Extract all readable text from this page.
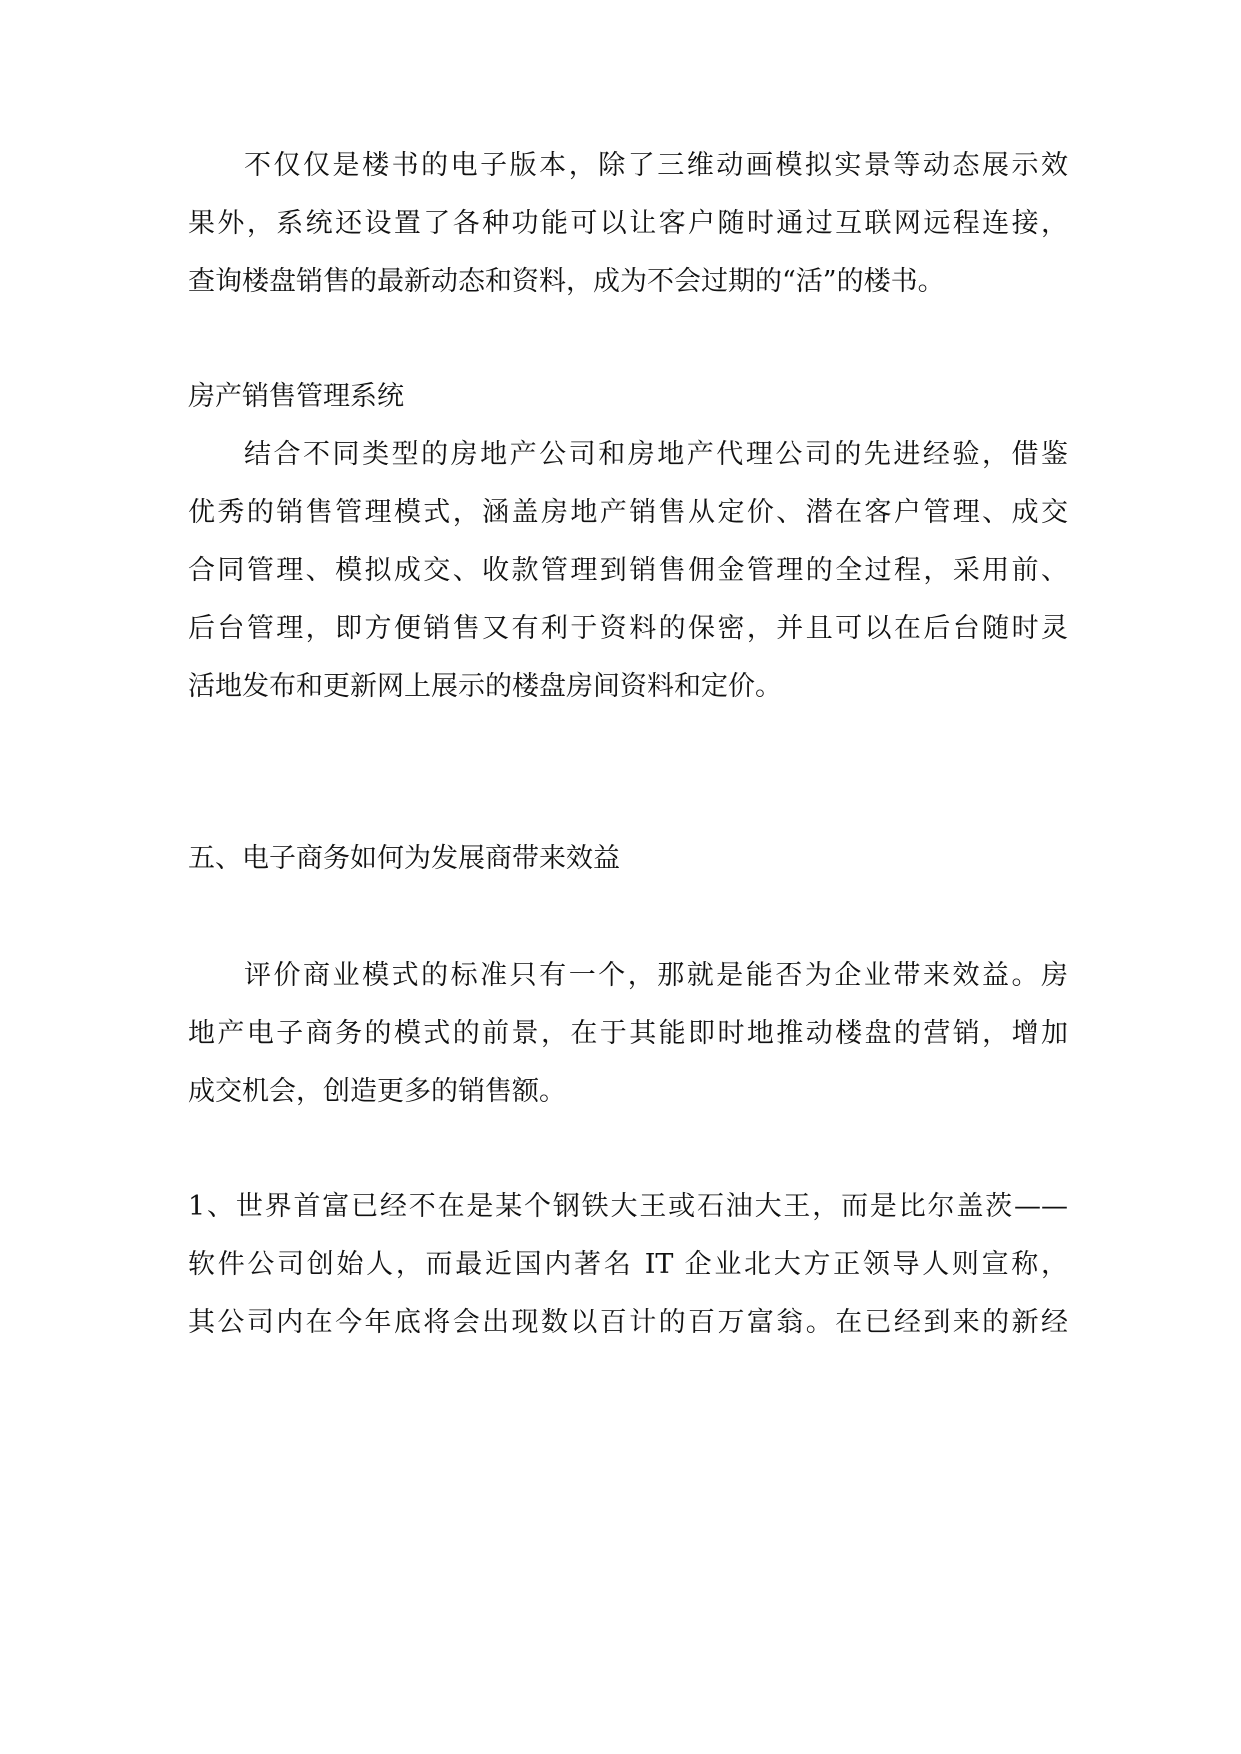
不仅仅是楼书的电子版本，除了三维动画模拟实景等动态展示效
果外，系统还设置了各种功能可以让客户随时通过互联网远程连接，
查询楼盘销售的最新动态和资料，成为不会过期的“活”的楼书。
房产销售管理系统
结合不同类型的房地产公司和房地产代理公司的先进经验，借鉴
优秀的销售管理模式，涵盖房地产销售从定价、潜在客户管理、成交
合同管理、模拟成交、收款管理到销售佣金管理的全过程，采用前、
后台管理，即方便销售又有利于资料的保密，并且可以在后台随时灵
活地发布和更新网上展示的楼盘房间资料和定价。
五、电子商务如何为发展商带来效益
评价商业模式的标准只有一个，那就是能否为企业带来效益。房
地产电子商务的模式的前景，在于其能即时地推动楼盘的营销，增加
成交机会，创造更多的销售额。
1、世界首富已经不在是某个钢铁大王或石油大王，而是比尔盖茨——
软件公司创始人，而最近国内著名 IT 企业北大方正领导人则宣称，
其公司内在今年底将会出现数以百计的百万富翁。在已经到来的新经
